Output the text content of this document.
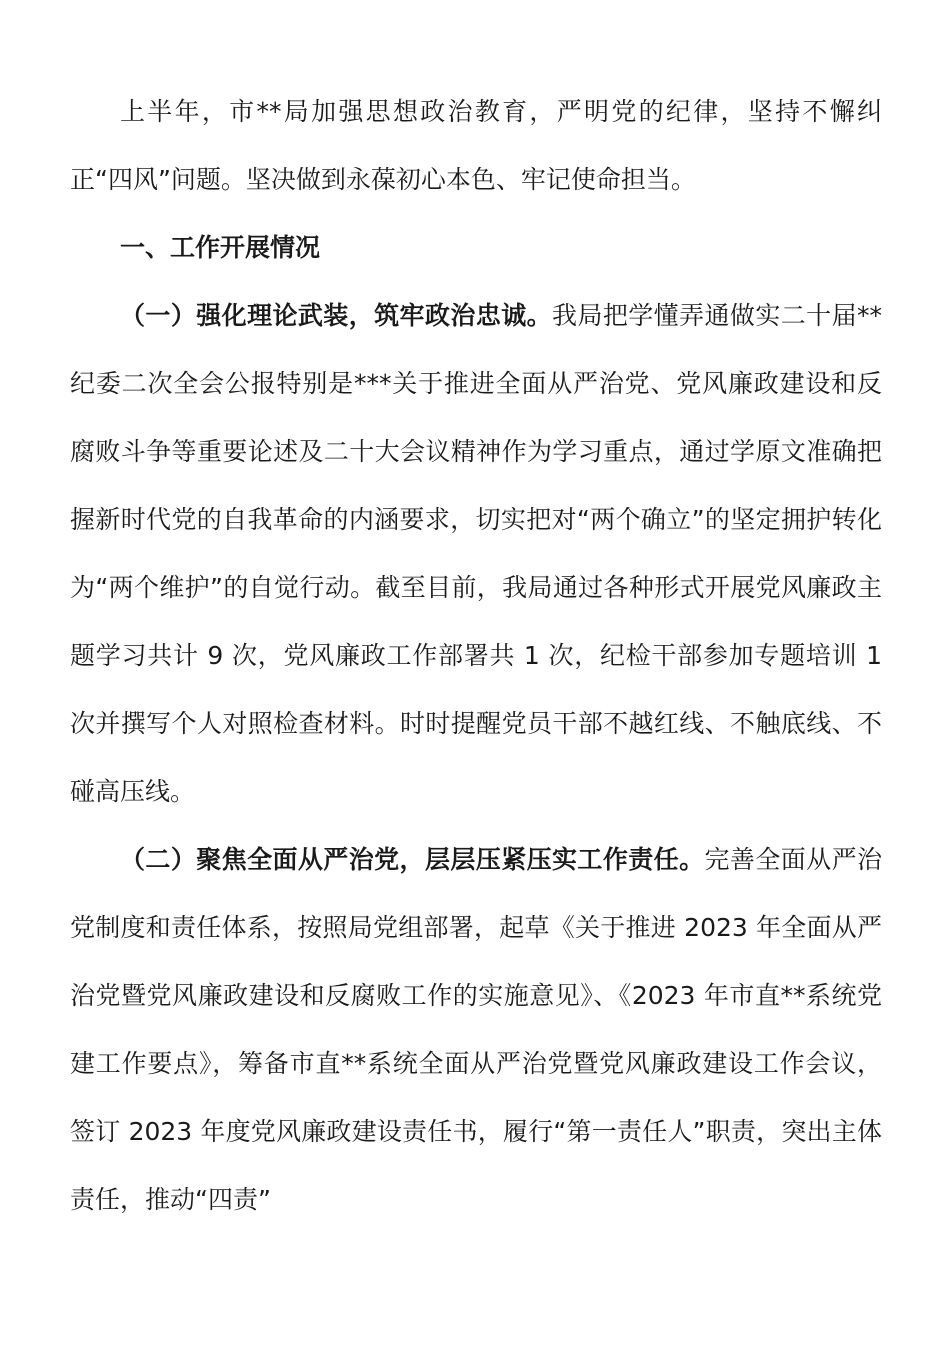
上半年，市**局加强思想政治教育，严明党的纪律，坚持不懈纠正“四风”问题。坚决做到永葆初心本色、牢记使命担当。

一、工作开展情况

（一）强化理论武装，筑牢政治忠诚。我局把学懂弄通做实二十届**纪委二次全会公报特别是***关于推进全面从严治党、党风廉政建设和反腐败斗争等重要论述及二十大会议精神作为学习重点，通过学原文准确把握新时代党的自我革命的内涵要求，切实把对“两个确立”的坚定拥护转化为“两个维护”的自觉行动。截至目前，我局通过各种形式开展党风廉政主题学习共计 9 次，党风廉政工作部署共 1 次，纪检干部参加专题培训 1 次并撰写个人对照检查材料。时时提醒党员干部不越红线、不触底线、不碰高压线。

（二）聚焦全面从严治党，层层压紧压实工作责任。完善全面从严治党制度和责任体系，按照局党组部署，起草《关于推进 2023 年全面从严治党暨党风廉政建设和反腐败工作的实施意见》、《2023 年市直**系统党建工作要点》，筹备市直**系统全面从严治党暨党风廉政建设工作会议，签订 2023 年度党风廉政建设责任书，履行“第一责任人”职责，突出主体责任，推动“四责”
